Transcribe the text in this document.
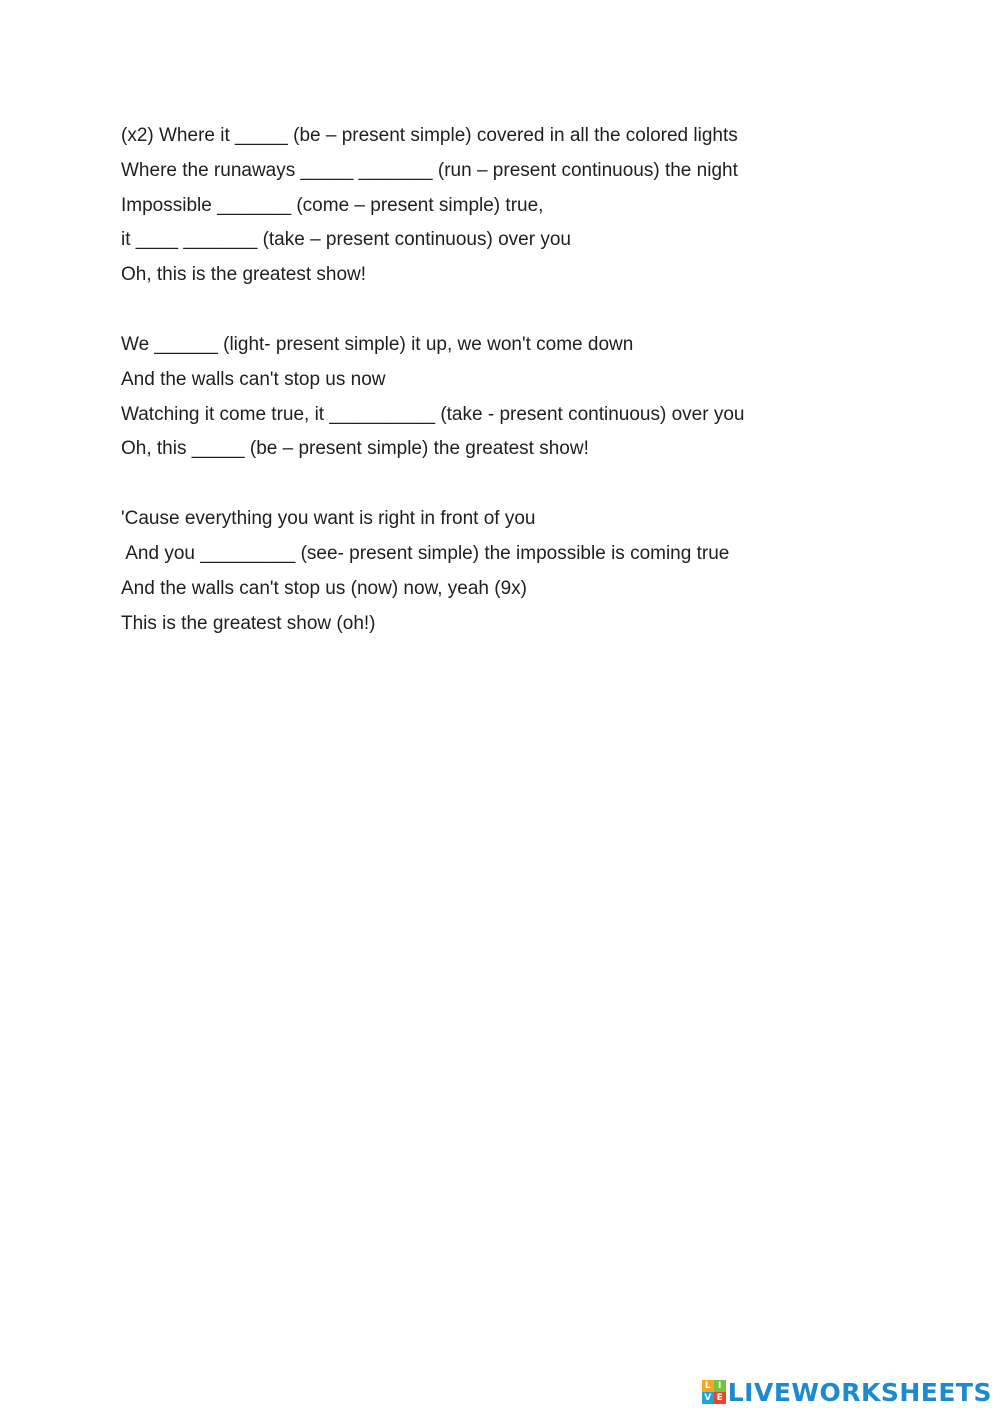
(x2) Where it _____ (be – present simple) covered in all the colored lights
Where the runaways _____ _______ (run – present continuous) the night
Impossible _______ (come – present simple) true,
it ____ _______ (take – present continuous) over you
Oh, this is the greatest show!
We ______ (light- present simple) it up, we won't come down
And the walls can't stop us now
Watching it come true, it __________ (take - present continuous) over you
Oh, this _____ (be – present simple) the greatest show!
'Cause everything you want is right in front of you
And you _________ (see- present simple) the impossible is coming true
And the walls can't stop us (now) now, yeah (9x)
This is the greatest show (oh!)
L I
V E LIVEWORKSHEETS
